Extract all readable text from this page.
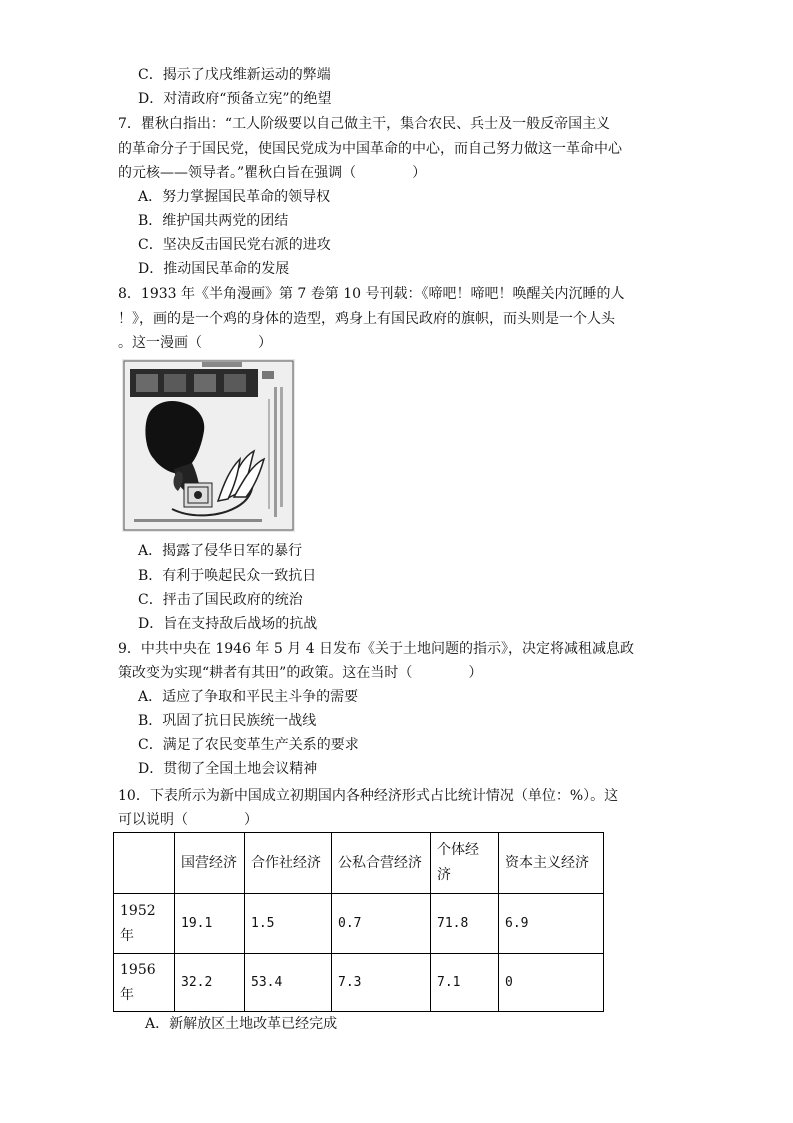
C．揭示了戊戌维新运动的弊端
D．对清政府“预备立宪”的绝望
7．瞿秋白指出：“工人阶级要以自己做主干，集合农民、兵士及一般反帝国主义
的革命分子于国民党，使国民党成为中国革命的中心，而自己努力做这一革命中心
的元核——领导者。”瞿秋白旨在强调（　　　　）
A．努力掌握国民革命的领导权
B．维护国共两党的团结
C．坚决反击国民党右派的进攻
D．推动国民革命的发展
8．1933 年《半角漫画》第 7 卷第 10 号刊载：《啼吧！啼吧！唤醒关内沉睡的人
！》，画的是一个鸡的身体的造型，鸡身上有国民政府的旗帜，而头则是一个人头
。这一漫画（　　　　）
A．揭露了侵华日军的暴行
B．有利于唤起民众一致抗日
C．抨击了国民政府的统治
D．旨在支持敌后战场的抗战
9．中共中央在 1946 年 5 月 4 日发布《关于土地问题的指示》，决定将减租减息政
策改变为实现“耕者有其田”的政策。这在当时（　　　　）
A．适应了争取和平民主斗争的需要
B．巩固了抗日民族统一战线
C．满足了农民变革生产关系的要求
D．贯彻了全国土地会议精神
10．下表所示为新中国成立初期国内各种经济形式占比统计情况（单位：%）。这
可以说明（　　　　）
	国营经济	合作社经济	公私合营经济	个体经济	资本主义经济
1952年	19.1	1.5	0.7	71.8	6.9
1956年	32.2	53.4	7.3	7.1	0
A．新解放区土地改革已经完成
